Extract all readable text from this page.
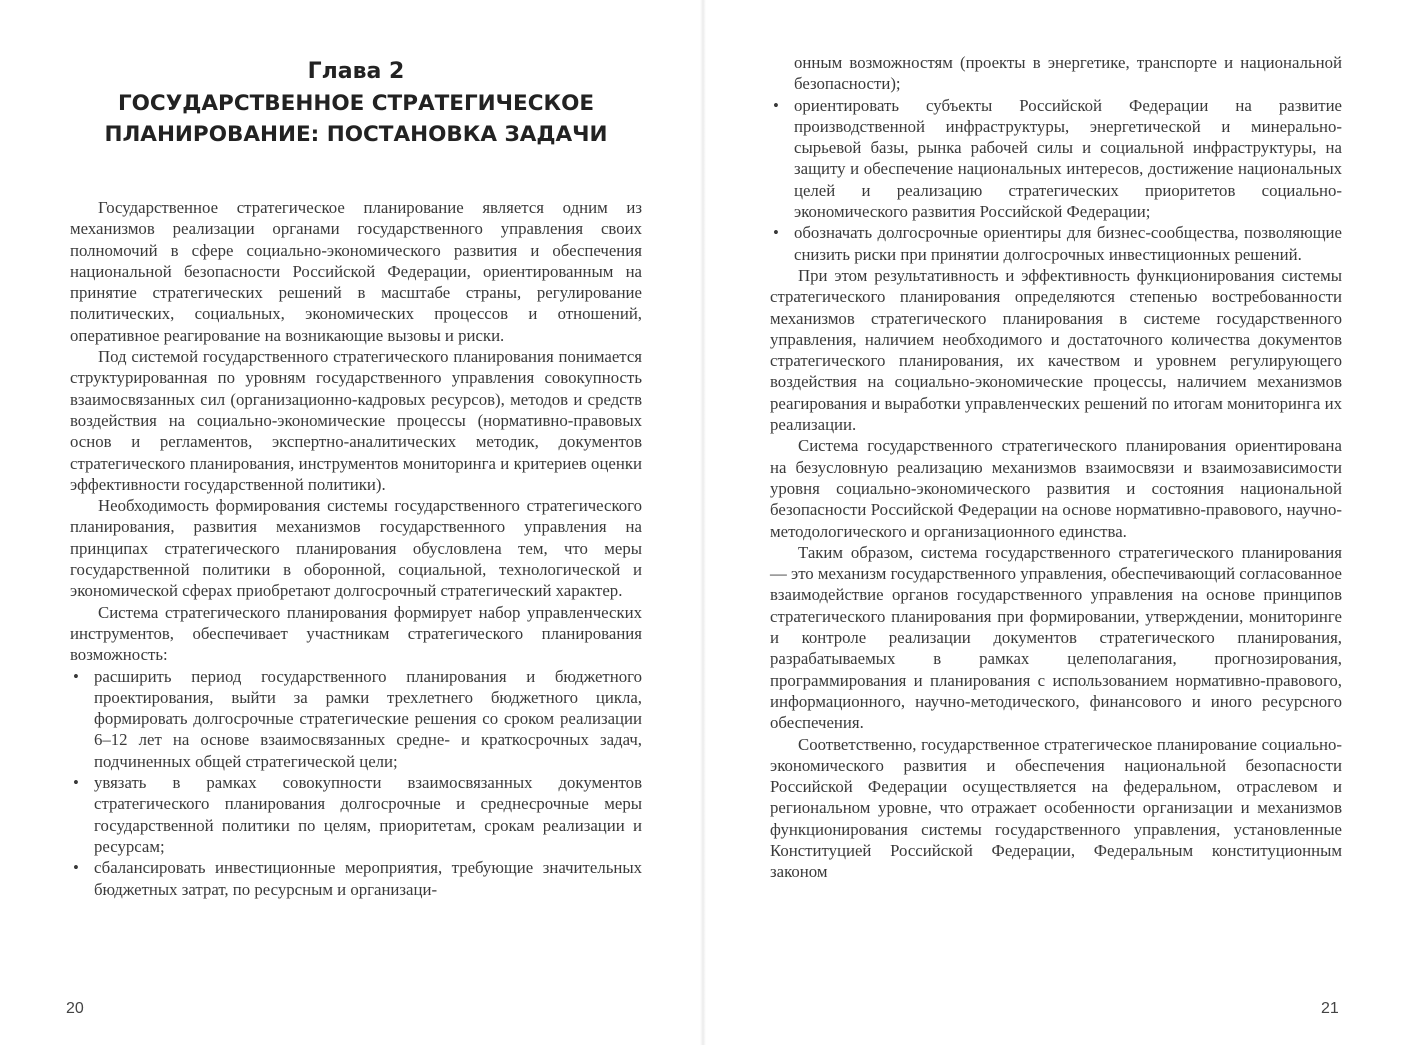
Глава 2
ГОСУДАРСТВЕННОЕ СТРАТЕГИЧЕСКОЕ ПЛАНИРОВАНИЕ: ПОСТАНОВКА ЗАДАЧИ

Государственное стратегическое планирование является одним из механизмов реализации органами государственного управления своих полномочий в сфере социально-экономического развития и обеспечения национальной безопасности Российской Федерации, ориентированным на принятие стратегических решений в масштабе страны, регулирование политических, социальных, экономических процессов и отношений, оперативное реагирование на возникающие вызовы и риски.

Под системой государственного стратегического планирования понимается структурированная по уровням государственного управления совокупность взаимосвязанных сил (организационно-кадровых ресурсов), методов и средств воздействия на социально-экономические процессы (нормативно-правовых основ и регламентов, экспертно-аналитических методик, документов стратегического планирования, инструментов мониторинга и критериев оценки эффективности государственной политики).

Необходимость формирования системы государственного стратегического планирования, развития механизмов государственного управления на принципах стратегического планирования обусловлена тем, что меры государственной политики в оборонной, социальной, технологической и экономической сферах приобретают долгосрочный стратегический характер.

Система стратегического планирования формирует набор управленческих инструментов, обеспечивает участникам стратегического планирования возможность:

• расширить период государственного планирования и бюджетного проектирования, выйти за рамки трехлетнего бюджетного цикла, формировать долгосрочные стратегические решения со сроком реализации 6–12 лет на основе взаимосвязанных средне- и краткосрочных задач, подчиненных общей стратегической цели;
• увязать в рамках совокупности взаимосвязанных документов стратегического планирования долгосрочные и среднесрочные меры государственной политики по целям, приоритетам, срокам реализации и ресурсам;
• сбалансировать инвестиционные мероприятия, требующие значительных бюджетных затрат, по ресурсным и организаци-
20

онным возможностям (проекты в энергетике, транспорте и национальной безопасности);

• ориентировать субъекты Российской Федерации на развитие производственной инфраструктуры, энергетической и минерально-сырьевой базы, рынка рабочей силы и социальной инфраструктуры, на защиту и обеспечение национальных интересов, достижение национальных целей и реализацию стратегических приоритетов социально-экономического развития Российской Федерации;
• обозначать долгосрочные ориентиры для бизнес-сообщества, позволяющие снизить риски при принятии долгосрочных инвестиционных решений.

При этом результативность и эффективность функционирования системы стратегического планирования определяются степенью востребованности механизмов стратегического планирования в системе государственного управления, наличием необходимого и достаточного количества документов стратегического планирования, их качеством и уровнем регулирующего воздействия на социально-экономические процессы, наличием механизмов реагирования и выработки управленческих решений по итогам мониторинга их реализации.

Система государственного стратегического планирования ориентирована на безусловную реализацию механизмов взаимосвязи и взаимозависимости уровня социально-экономического развития и состояния национальной безопасности Российской Федерации на основе нормативно-правового, научно-методологического и организационного единства.

Таким образом, система государственного стратегического планирования — это механизм государственного управления, обеспечивающий согласованное взаимодействие органов государственного управления на основе принципов стратегического планирования при формировании, утверждении, мониторинге и контроле реализации документов стратегического планирования, разрабатываемых в рамках целеполагания, прогнозирования, программирования и планирования с использованием нормативно-правового, информационного, научно-методического, финансового и иного ресурсного обеспечения.

Соответственно, государственное стратегическое планирование социально-экономического развития и обеспечения национальной безопасности Российской Федерации осуществляется на федеральном, отраслевом и региональном уровне, что отражает особенности организации и механизмов функционирования системы государственного управления, установленные Конституцией Российской Федерации, Федеральным конституционным законом

21
